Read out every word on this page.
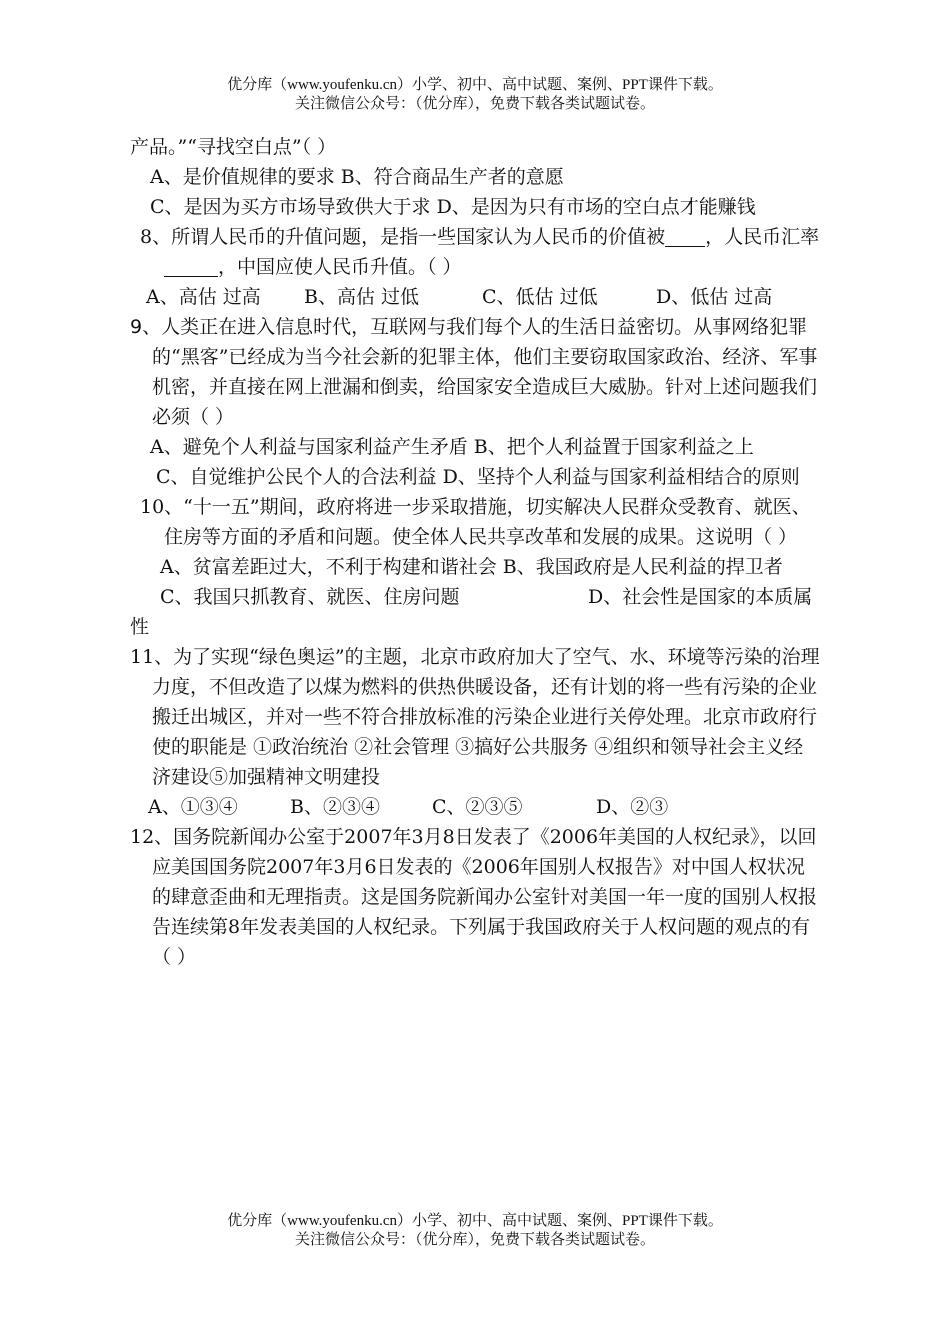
优分库（www.youfenku.cn）小学、初中、高中试题、案例、PPT课件下载。
关注微信公众号：（优分库），免费下载各类试题试卷。

产品。”“寻找空白点”（ ）

A、是价值规律的要求 B、符合商品生产者的意愿

C、是因为买方市场导致供大于求 D、是因为只有市场的空白点才能赚钱

8、所谓人民币的升值问题，是指一些国家认为人民币的价值被 ，人民币汇率，中国应使人民币升值。（ ）

A、高估 过高	B、高估 过低	C、低估 过低	D、低估 过高

9、人类正在进入信息时代，互联网与我们每个人的生活日益密切。从事网络犯罪的“黑客”已经成为当今社会新的犯罪主体，他们主要窃取国家政治、经济、军事机密，并直接在网上泄漏和倒卖，给国家安全造成巨大威胁。针对上述问题我们必须（ ）

A、避免个人利益与国家利益产生矛盾 B、把个人利益置于国家利益之上

C、自觉维护公民个人的合法利益 D、坚持个人利益与国家利益相结合的原则

10、“十一五”期间，政府将进一步采取措施，切实解决人民群众受教育、就医、住房等方面的矛盾和问题。使全体人民共享改革和发展的成果。这说明（ ）

A、贫富差距过大，不利于构建和谐社会 B、我国政府是人民利益的捍卫者

C、我国只抓教育、就医、住房问题	D、社会性是国家的本质属性

11、为了实现“绿色奥运”的主题，北京市政府加大了空气、水、环境等污染的治理力度，不但改造了以煤为燃料的供热供暖设备，还有计划的将一些有污染的企业搬迁出城区，并对一些不符合排放标准的污染企业进行关停处理。北京市政府行使的职能是 ①政治统治 ②社会管理 ③搞好公共服务 ④组织和领导社会主义经济建设⑤加强精神文明建投

A、①③④	B、②③④	C、②③⑤	D、②③

12、国务院新闻办公室于2007年3月8日发表了《2006年美国的人权纪录》，以回应美国国务院2007年3月6日发表的《2006年国别人权报告》对中国人权状况的肆意歪曲和无理指责。这是国务院新闻办公室针对美国一年一度的国别人权报告连续第8年发表美国的人权纪录。下列属于我国政府关于人权问题的观点的有（ ）

优分库（www.youfenku.cn）小学、初中、高中试题、案例、PPT课件下载。
关注微信公众号：（优分库），免费下载各类试题试卷。
